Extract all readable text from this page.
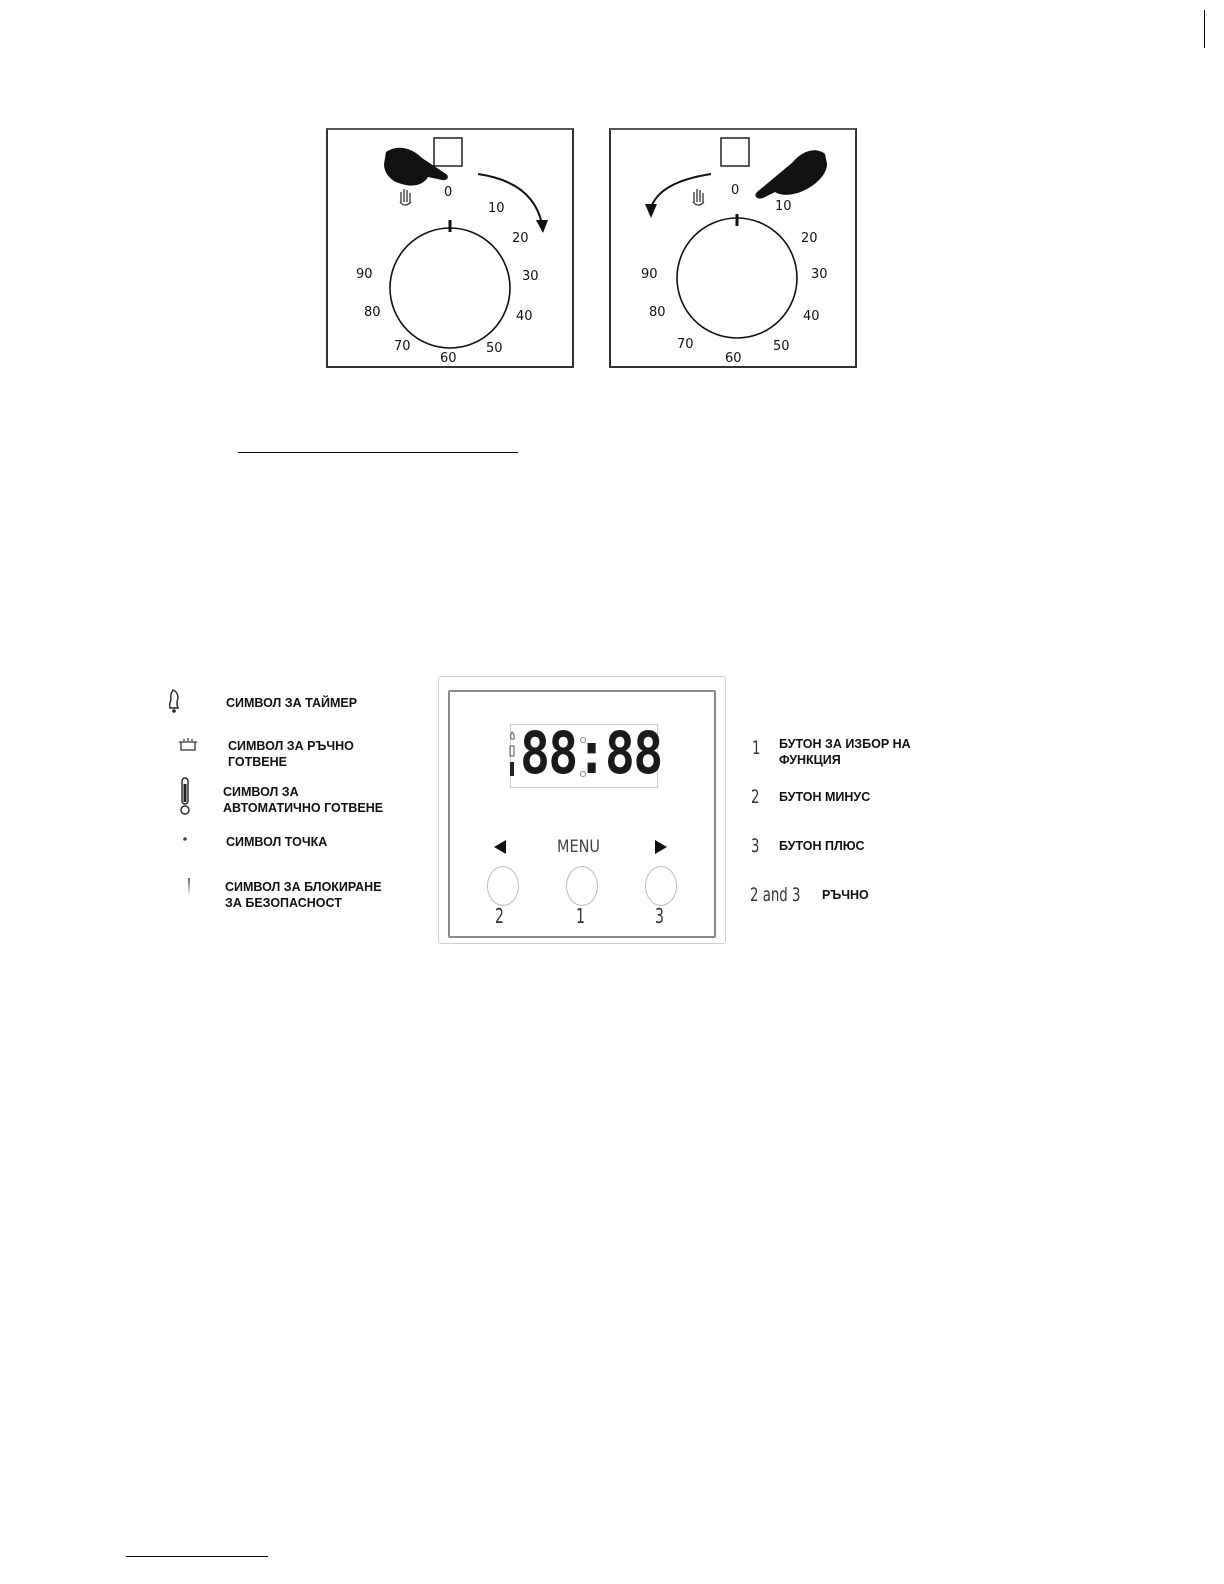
0
10
20
30
40
50
60
70
80
90
0
10
20
30
40
50
60
70
80
90
СИМВОЛ ЗА ТАЙМЕР
СИМВОЛ ЗА РЪЧНО
ГОТВЕНЕ
СИМВОЛ ЗА
АВТОМАТИЧНО ГОТВЕНЕ
СИМВОЛ ТОЧКА
СИМВОЛ ЗА БЛОКИРАНЕ
ЗА БЕЗОПАСНОСТ
88:88
MENU
2	1	3
1 БУТОН ЗА ИЗБОР НА
ФУНКЦИЯ
2 БУТОН МИНУС
3 БУТОН ПЛЮС
2 and 3 РЪЧНО
